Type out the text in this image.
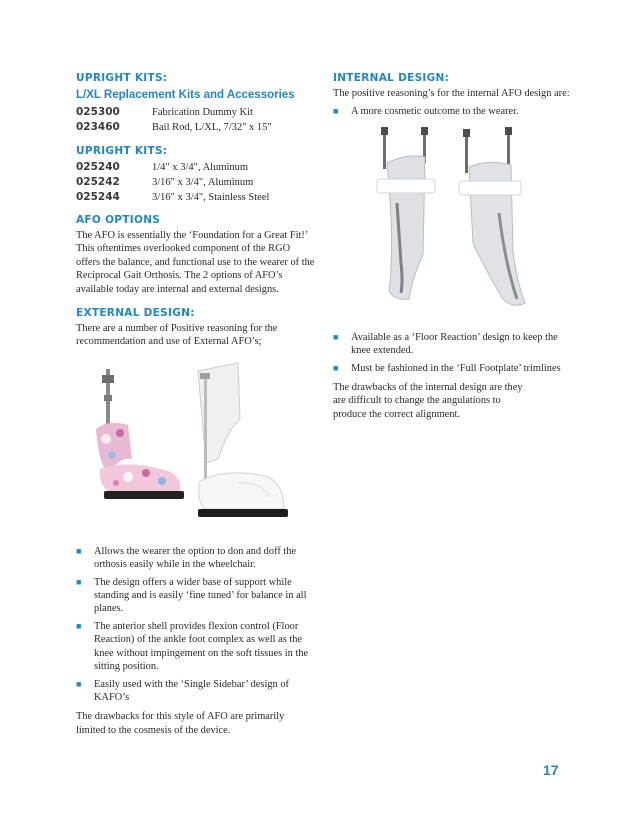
UPRIGHT KITS:
L/XL Replacement Kits and Accessories
025300	Fabrication Dummy Kit
023460	Bail Rod, L/XL, 7/32" x 15"
UPRIGHT KITS:
025240	1/4" x 3/4", Aluminum
025242	3/16" x 3/4", Aluminum
025244	3/16" x 3/4", Stainless Steel
AFO OPTIONS

The AFO is essentially the ‘Foundation for a Great Fit!’ This oftentimes overlooked component of the RGO offers the balance, and functional use to the wearer of the Reciprocal Gait Orthosis. The 2 options of AFO’s available today are internal and external designs.

EXTERNAL DESIGN:

There are a number of Positive reasoning for the recommendation and use of External AFO’s;

■ Allows the wearer the option to don and doff the orthosis easily while in the wheelchair.
■ The design offers a wider base of support while standing and is easily ‘fine tuned’ for balance in all planes.
■ The anterior shell provides flexion control (Floor Reaction) of the ankle foot complex as well as the knee without impingement on the soft tissues in the sitting position.
■ Easily used with the ‘Single Sidebar’ design of KAFO’s

The drawbacks for this style of AFO are primarily limited to the cosmesis of the device.

INTERNAL DESIGN:

The positive reasoning’s for the internal AFO design are:

■ A more cosmetic outcome to the wearer.
■ Available as a ‘Floor Reaction’ design to keep the knee extended.
■ Must be fashioned in the ‘Full Footplate’ trimlines

The drawbacks of the internal design are they are difficult to change the angulations to produce the correct alignment.

17
